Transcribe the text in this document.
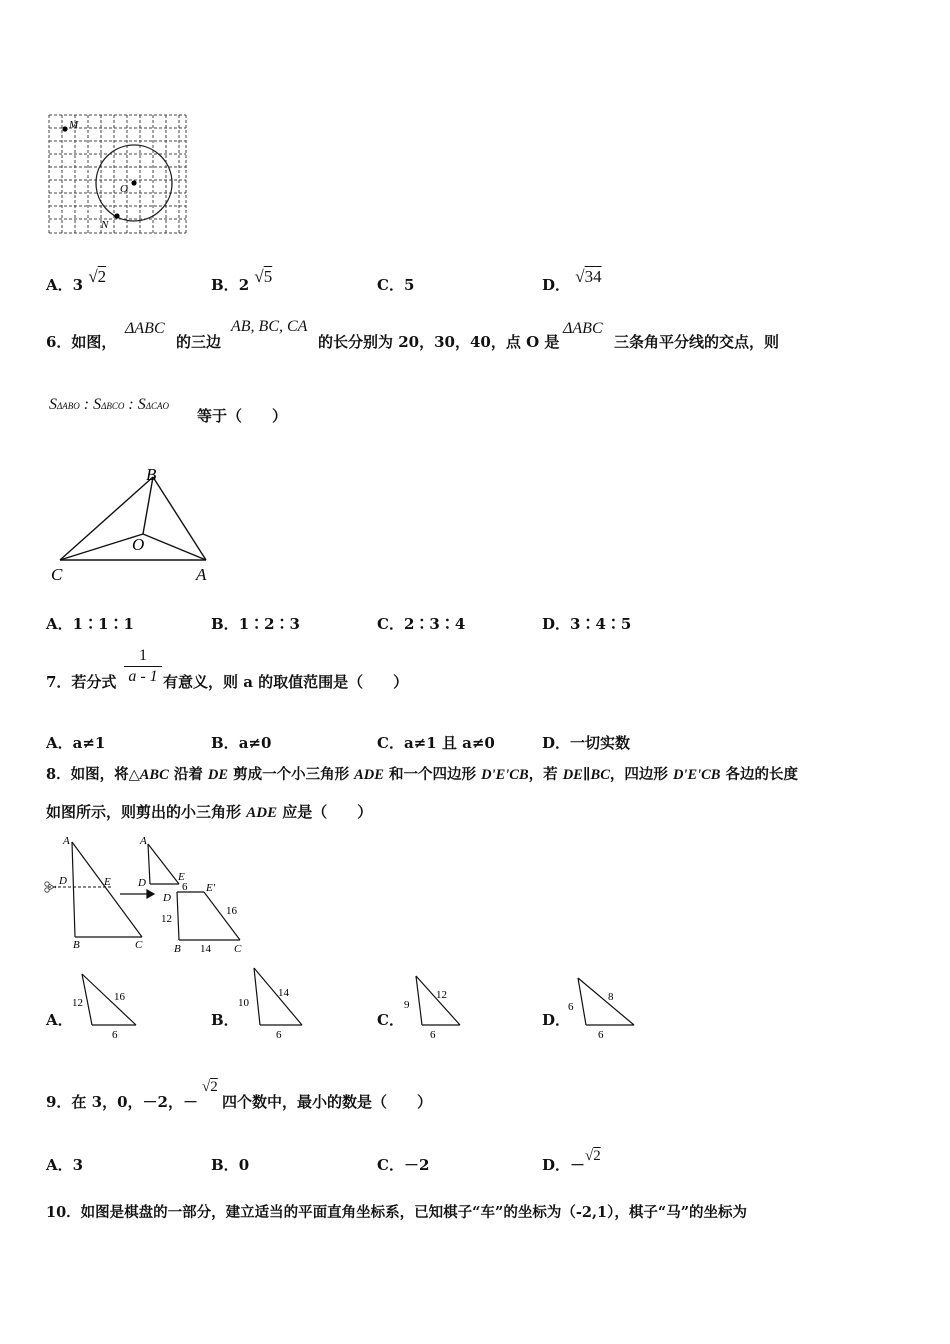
M
O
N
A．3 √2	B．2 √5	C．5	D． √34
6．如图，
ΔABC
的三边
AB, BC, CA
的长分别为 20，30，40，点 O 是
ΔABC
三条角平分线的交点，则
SΔABO : SΔBCO : SΔCAO
等于（　　）
B
O
C	A
A．1∶1∶1	B．1∶2∶3	C．2∶3∶4	D．3∶4∶5
7．若分式
1
a - 1 有意义，则 a 的取值范围是（　　）
A．a≠1	B．a≠0	C．a≠1 且 a≠0	D．一切实数
8．如图，将△ABC 沿着 DE 剪成一个小三角形 ADE 和一个四边形 D'E'CB，若 DE∥BC，四边形 D'E'CB 各边的长度
如图所示，则剪出的小三角形 ADE 应是（　　）
A
D	E
B	C
A
D	E
D
E'
B	C
6
12
16
14
A．
12	16
6
B．
10
14
6
C．
9
12
6
D．
6
8
6
9．在 3，0，－2，－
√2
四个数中，最小的数是（　　）
A．3	B．0	C．－2	D．－√2
10．如图是棋盘的一部分，建立适当的平面直角坐标系，已知棋子“车”的坐标为（-2,1），棋子“马”的坐标为
